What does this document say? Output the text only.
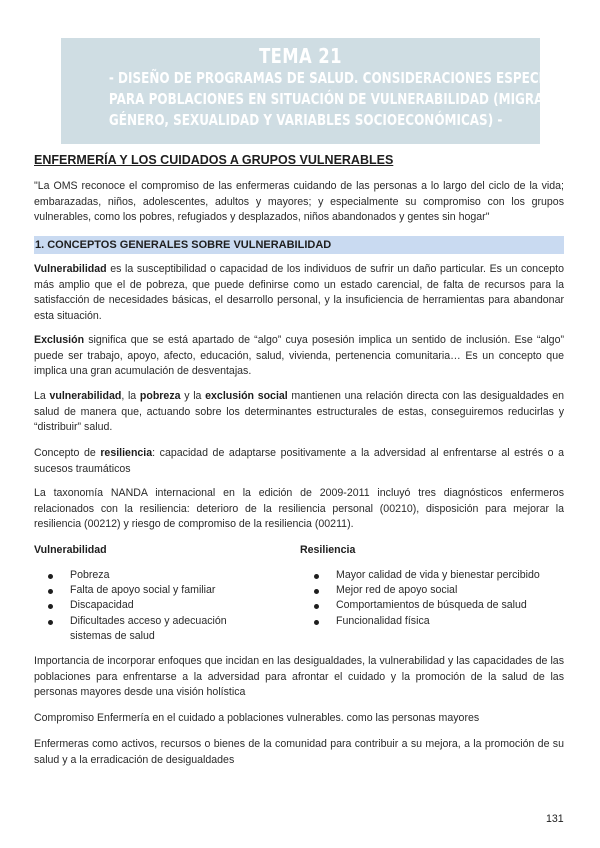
TEMA 21
- DISEÑO DE PROGRAMAS DE SALUD. CONSIDERACIONES ESPECÍFICAS
PARA POBLACIONES EN SITUACIÓN DE VULNERABILIDAD (MIGRACIÓN,
GÉNERO, SEXUALIDAD Y VARIABLES SOCIOECONÓMICAS) -
ENFERMERÍA Y LOS CUIDADOS A GRUPOS VULNERABLES

"La OMS reconoce el compromiso de las enfermeras cuidando de las personas a lo largo del ciclo de la vida; embarazadas, niños, adolescentes, adultos y mayores; y especialmente su compromiso con los grupos vulnerables, como los pobres, refugiados y desplazados, niños abandonados y gentes sin hogar"

1. CONCEPTOS GENERALES SOBRE VULNERABILIDAD

Vulnerabilidad es la susceptibilidad o capacidad de los individuos de sufrir un daño particular. Es un concepto más amplio que el de pobreza, que puede definirse como un estado carencial, de falta de recursos para la satisfacción de necesidades básicas, el desarrollo personal, y la insuficiencia de herramientas para abandonar esta situación.

Exclusión significa que se está apartado de “algo” cuya posesión implica un sentido de inclusión. Ese “algo” puede ser trabajo, apoyo, afecto, educación, salud, vivienda, pertenencia comunitaria… Es un concepto que implica una gran acumulación de desventajas.

La vulnerabilidad, la pobreza y la exclusión social mantienen una relación directa con las desigualdades en salud de manera que, actuando sobre los determinantes estructurales de estas, conseguiremos reducirlas y “distribuir” salud.

Concepto de resiliencia: capacidad de adaptarse positivamente a la adversidad al enfrentarse al estrés o a sucesos traumáticos

La taxonomía NANDA internacional en la edición de 2009-2011 incluyó tres diagnósticos enfermeros relacionados con la resiliencia: deterioro de la resiliencia personal (00210), disposición para mejorar la resiliencia (00212) y riesgo de compromiso de la resiliencia (00211).

Vulnerabilidad	Resiliencia
Pobreza
Falta de apoyo social y familiar
Discapacidad
Dificultades acceso y adecuación sistemas de salud
Mayor calidad de vida y bienestar percibido
Mejor red de apoyo social
Comportamientos de búsqueda de salud
Funcionalidad física

Importancia de incorporar enfoques que incidan en las desigualdades, la vulnerabilidad y las capacidades de las poblaciones para enfrentarse a la adversidad para afrontar el cuidado y la promoción de la salud de las personas mayores desde una visión holística

Compromiso Enfermería en el cuidado a poblaciones vulnerables. como las personas mayores

Enfermeras como activos, recursos o bienes de la comunidad para contribuir a su mejora, a la promoción de su salud y a la erradicación de desigualdades

131
